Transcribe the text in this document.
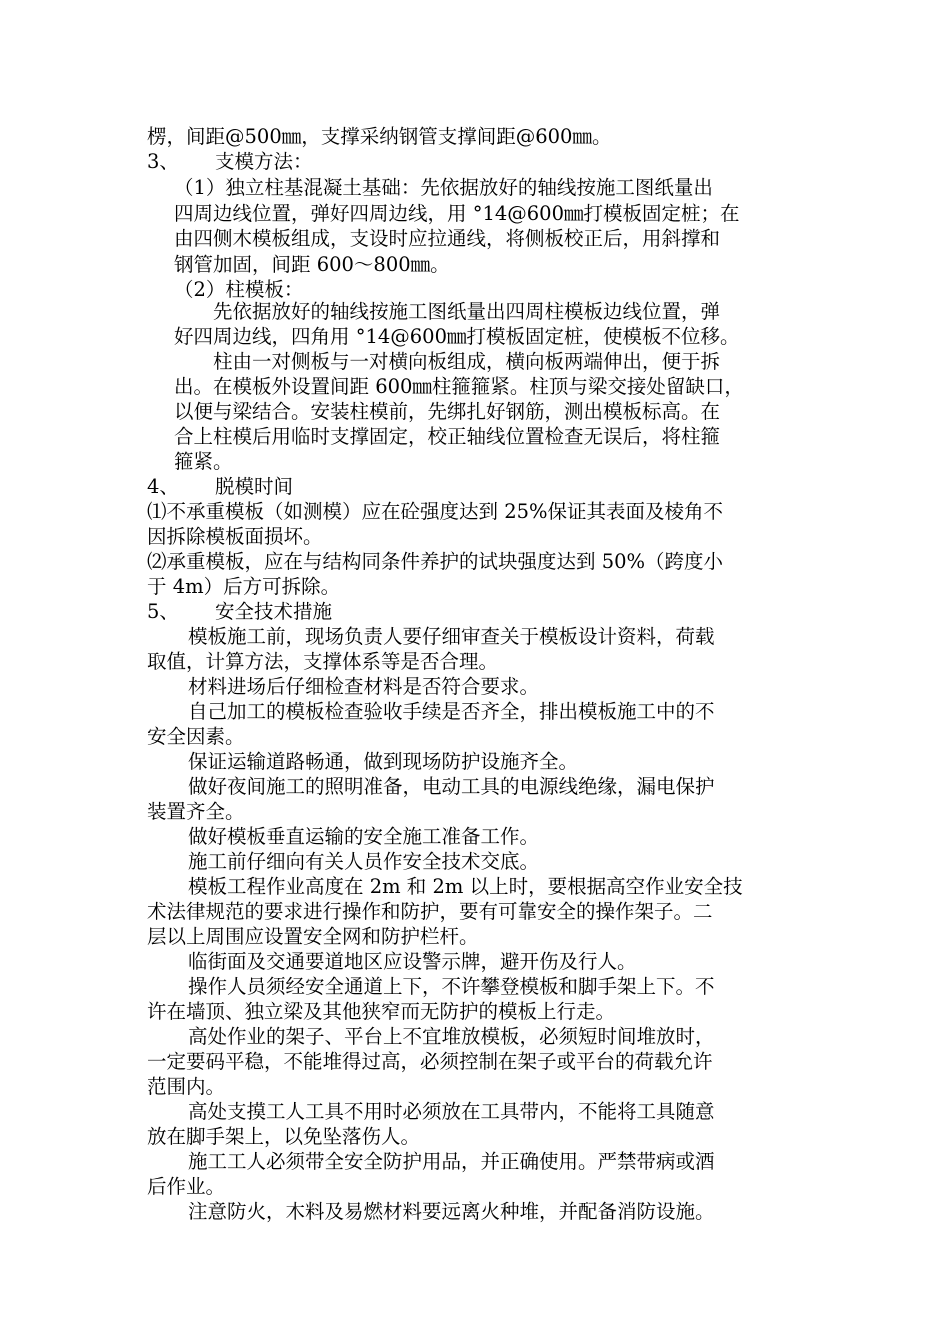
楞，间距@500㎜，支撑采纳钢管支撑间距@600㎜。
3、 支模方法：
（1）独立柱基混凝土基础：先依据放好的轴线按施工图纸量出
四周边线位置，弹好四周边线，用 °14@600㎜打模板固定桩；在
由四侧木模板组成，支设时应拉通线，将侧板校正后，用斜撑和
钢管加固，间距 600～800㎜。
（2）柱模板：
先依据放好的轴线按施工图纸量出四周柱模板边线位置，弹
好四周边线，四角用 °14@600㎜打模板固定桩，使模板不位移。
柱由一对侧板与一对横向板组成，横向板两端伸出，便于拆
出。在模板外设置间距 600㎜柱箍箍紧。柱顶与梁交接处留缺口，
以便与梁结合。安装柱模前，先绑扎好钢筋，测出模板标高。在
合上柱模后用临时支撑固定，校正轴线位置检查无误后，将柱箍
箍紧。
4、 脱模时间
⑴不承重模板（如测模）应在砼强度达到 25%保证其表面及棱角不
因拆除模板面损坏。
⑵承重模板，应在与结构同条件养护的试块强度达到 50%（跨度小
于 4m）后方可拆除。
5、 安全技术措施
模板施工前，现场负责人要仔细审查关于模板设计资料，荷载
取值，计算方法，支撑体系等是否合理。
材料进场后仔细检查材料是否符合要求。
自己加工的模板检查验收手续是否齐全，排出模板施工中的不
安全因素。
保证运输道路畅通，做到现场防护设施齐全。
做好夜间施工的照明准备，电动工具的电源线绝缘，漏电保护
装置齐全。
做好模板垂直运输的安全施工准备工作。
施工前仔细向有关人员作安全技术交底。
模板工程作业高度在 2m 和 2m 以上时，要根据高空作业安全技
术法律规范的要求进行操作和防护，要有可靠安全的操作架子。二
层以上周围应设置安全网和防护栏杆。
临街面及交通要道地区应设警示牌，避开伤及行人。
操作人员须经安全通道上下，不许攀登模板和脚手架上下。不
许在墙顶、独立梁及其他狭窄而无防护的模板上行走。
高处作业的架子、平台上不宜堆放模板，必须短时间堆放时，
一定要码平稳，不能堆得过高，必须控制在架子或平台的荷载允许
范围内。
高处支摸工人工具不用时必须放在工具带内，不能将工具随意
放在脚手架上，以免坠落伤人。
施工工人必须带全安全防护用品，并正确使用。严禁带病或酒
后作业。
注意防火，木料及易燃材料要远离火种堆，并配备消防设施。
